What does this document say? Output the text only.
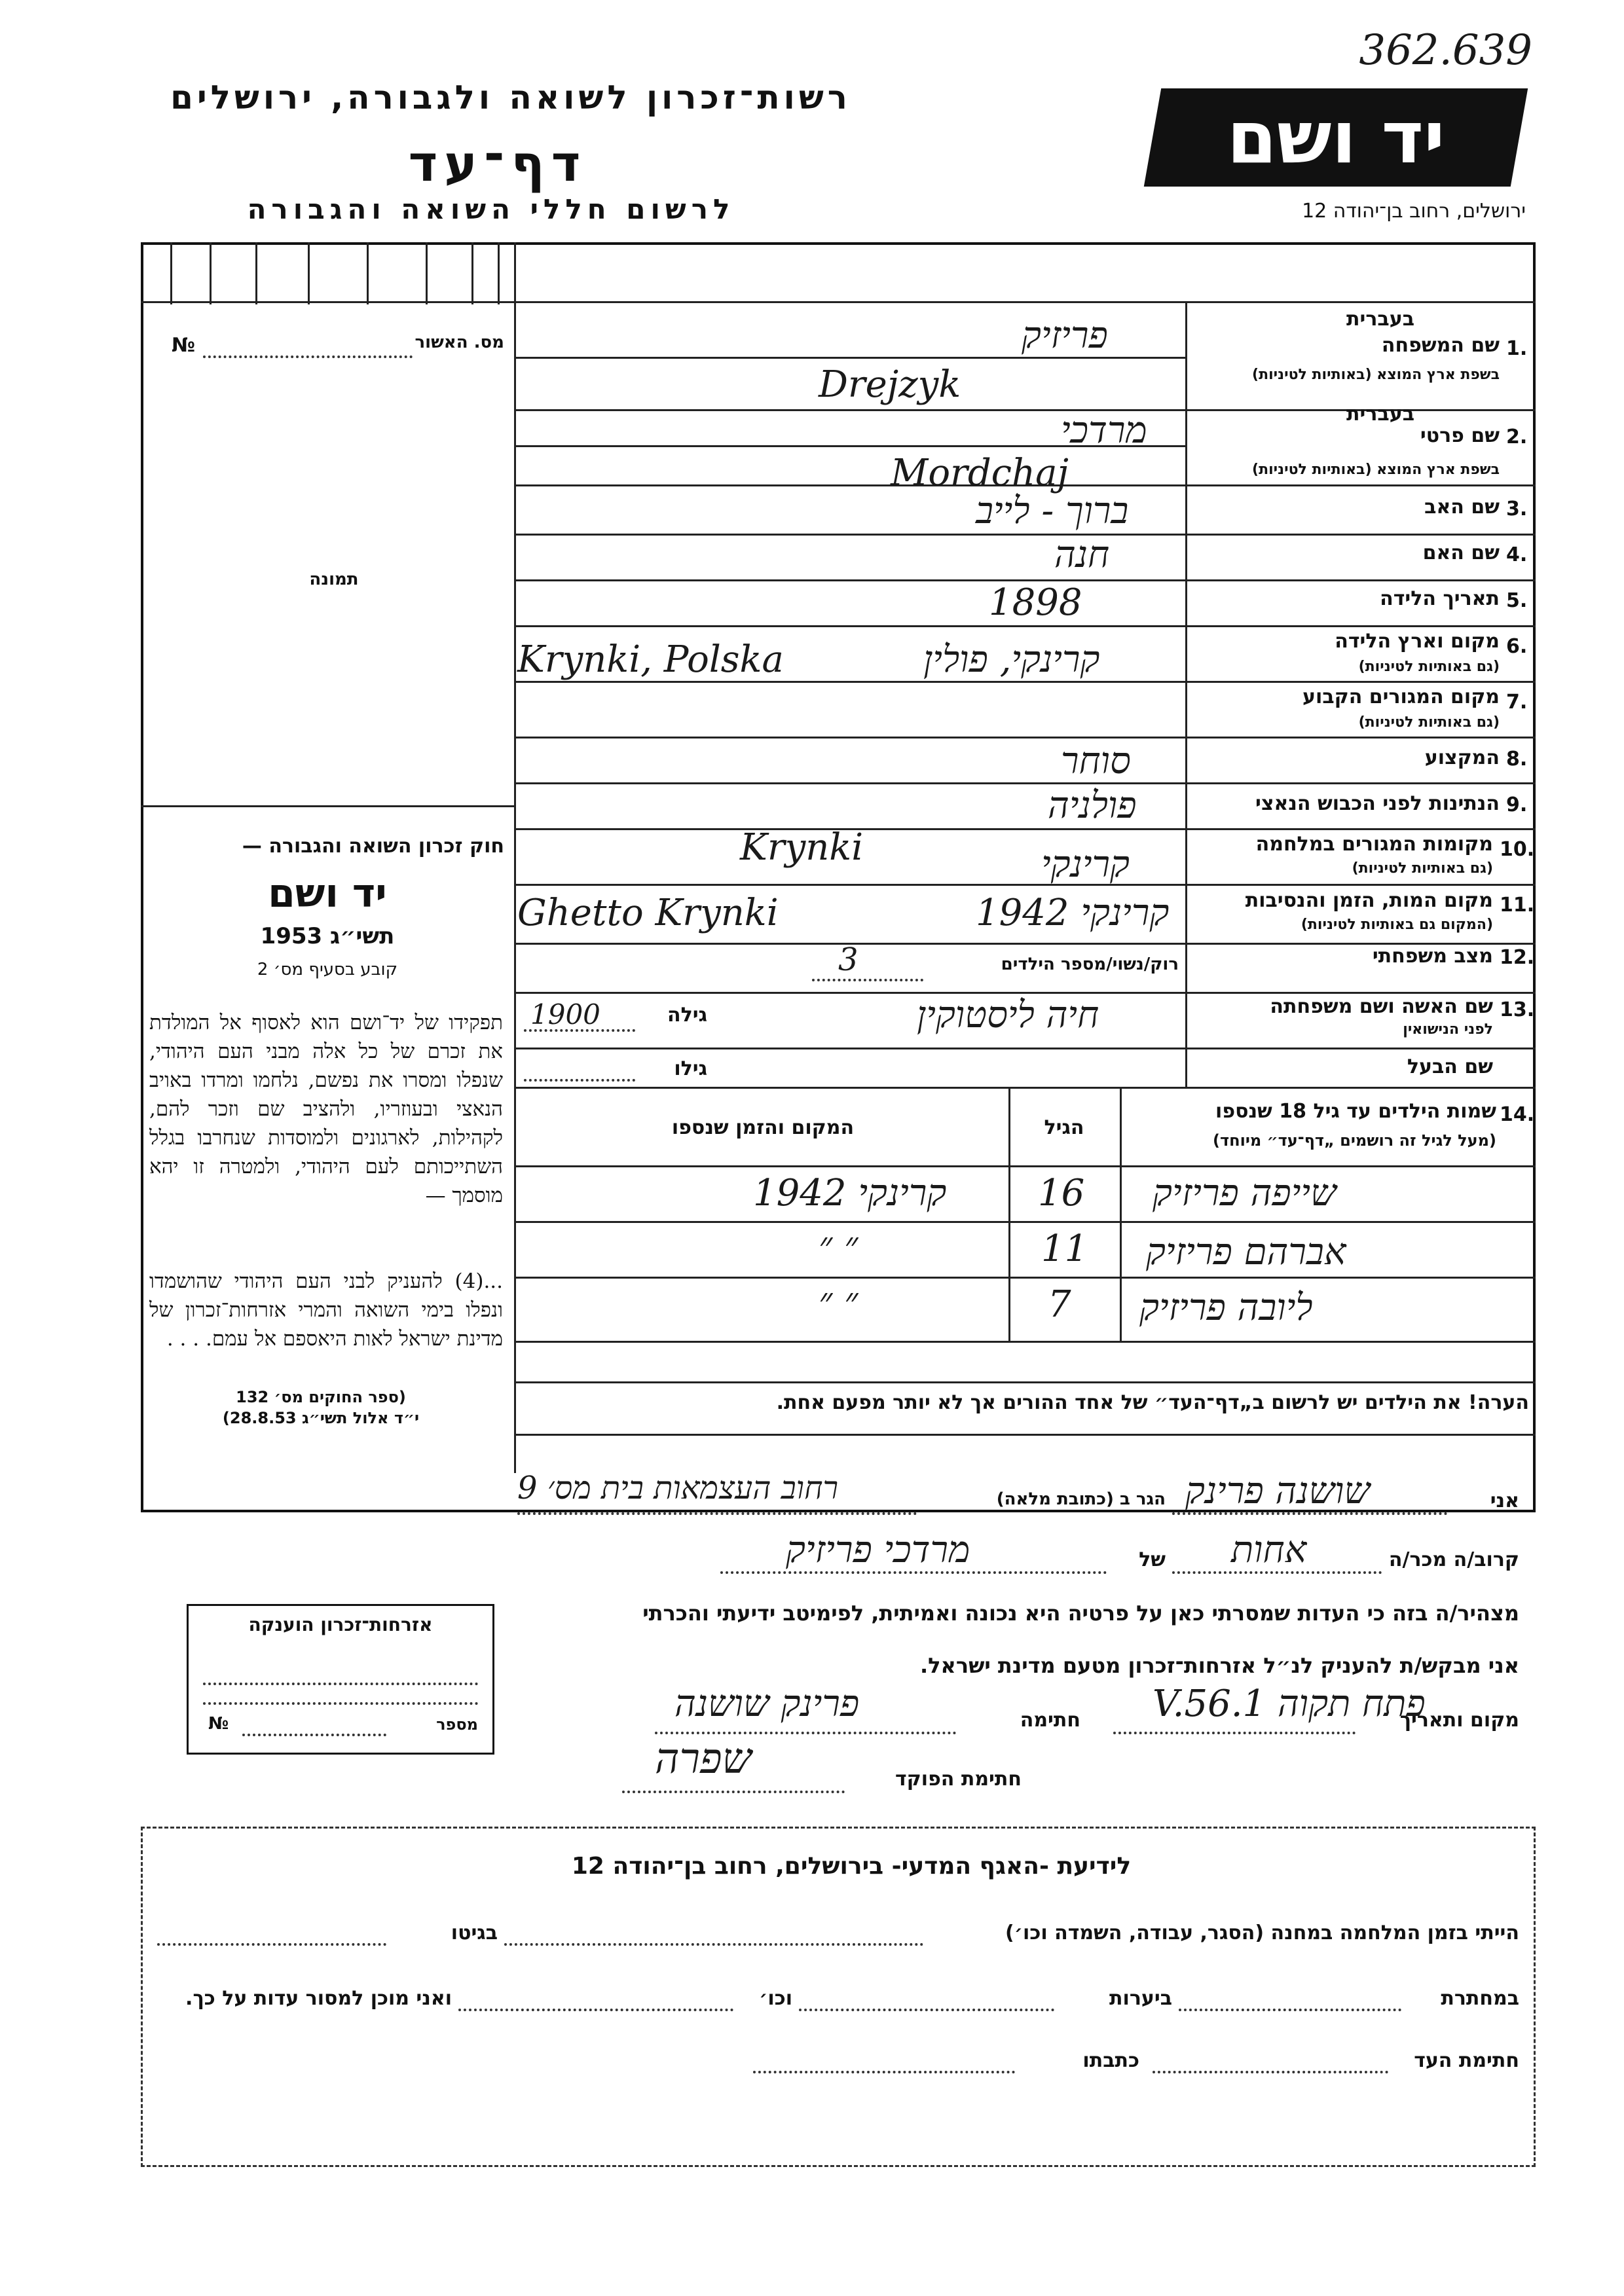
362.639
רשות־זכרון לשואה ולגבורה, ירושלים
דף־עד
לרשום חללי השואה והגבורה
יד ושם
ירושלים, רחוב בן־יהודה 12
№	מס. האשור
תמונה
חוק זכרון השואה והגבורה —
יד ושם
תשי״ג 1953
קובע בסעיף מס׳ 2
תפקידו של יד־ושם הוא לאסוף אל המולדת את זכרם של כל אלה מבני העם היהודי, שנפלו ומסרו את נפשם, נלחמו ומרדו באויב הנאצי ובעוזריו, ולהציב שם וזכר להם, לקהילות, לארגונים ולמוסדות שנחרבו בגלל השתייכותם לעם היהודי, ולמטרה זו יהא מוסמך —
...(4) להעניק לבני העם היהודי שהושמדו ונפלו בימי השואה והמרי אזרחות־זכרון של מדינת ישראל לאות היאספם אל עמם. . . .
(ספר החוקים מס׳ 132
י״ד אלול תשי״ג 28.8.53)
אזרחות־זכרון הוענקה
מספר
№
1.
בעברית
שם המשפחה
בשפת ארץ המוצא (באותיות לטיניות)
פריזיק
Drejzyk
2.
בעברית
שם פרטי
בשפת ארץ המוצא (באותיות לטיניות)
מרדכי
Mordchaj
3.
שם האב
ברוך - לייב
4.
שם האם
חנה
5.
תאריך הלידה
1898
6.
מקום וארץ הלידה
(גם באותיות לטיניות)
קרינקי, פולין
Krynki, Polska
7.
מקום המגורים הקבוע
(גם באותיות לטיניות)
8.
המקצוע
סוחר
9.
הנתינות לפני הכבוש הנאצי
פולניה
10.
מקומות המגורים במלחמה
(גם באותיות לטיניות)
קרינקי
Krynki
11.
מקום המות, הזמן והנסיבות
(המקום גם באותיות לטיניות)
קרינקי 1942
Ghetto Krynki
12.
מצב משפחתי
רוק/נשוי/מספר הילדים
3
13.
שם האשה ושם משפחתה
לפני הנישואין
חיה ליסטוקין
גילה
1900
שם הבעל
גילו
14.
שמות הילדים עד גיל 18 שנספו
(מעל לגיל זה רושמים „דף־עד״ מיוחד)
הגיל
המקום והזמן שנספו
שייפה פריזיק
16
קרינקי 1942
אברהם פריזיק
11
״ ״
ליובה פריזיק
7
״ ״
הערה! את הילדים יש לרשום ב„דף־העד״ של אחד ההורים אך לא יותר מפעם אחת.
אני
שושנה פרינק
הגר ב (כתובת מלאה)
רחוב העצמאות בית מס׳ 9
קרוב/ה מכר/ה
אחות
של
מרדכי פריזיק
מצהיר/ה בזה כי העדות שמסרתי כאן על פרטיה היא נכונה ואמיתית, לפימיטב ידיעתי והכרתי
אני מבקש/ת להעניק לנ״ל אזרחות־זכרון מטעם מדינת ישראל.
מקום ותאריך
פתח תקוה 1.V.56
חתימה
פרינק שושנה
חתימת הפוקד
שפרה
לידיעת -האגף המדעי- בירושלים, רחוב בן־יהודה 12
הייתי בזמן המלחמה במחנה (הסגר, עבודה, השמדה וכו׳)
בגיטו
במחתרת
ביערות
וכו׳
ואני מוכן למסור עדות על כך.
חתימת העד
כתבתו
